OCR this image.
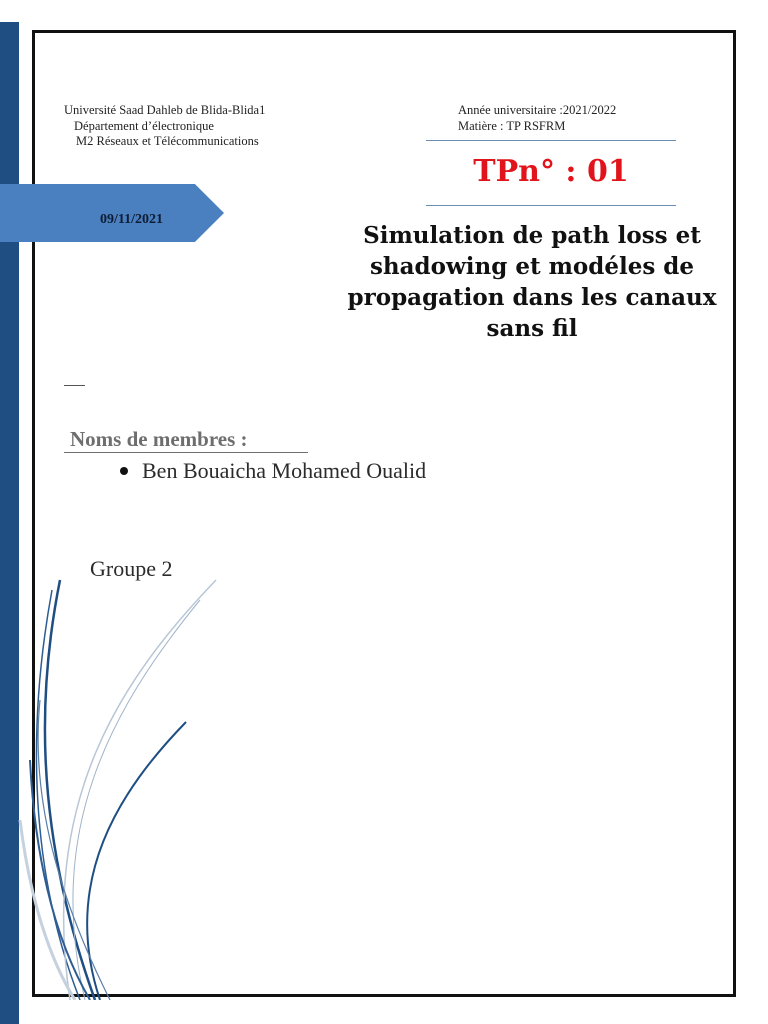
Université Saad Dahleb de Blida-Blida1
Département d’électronique
M2 Réseaux et Télécommunications
Année universitaire :2021/2022
Matière : TP RSFRM
TPn° : 01
09/11/2021
Simulation de path loss et
shadowing et modéles de
propagation dans les canaux
sans fil
Noms de membres :
Ben Bouaicha Mohamed Oualid
Groupe 2
